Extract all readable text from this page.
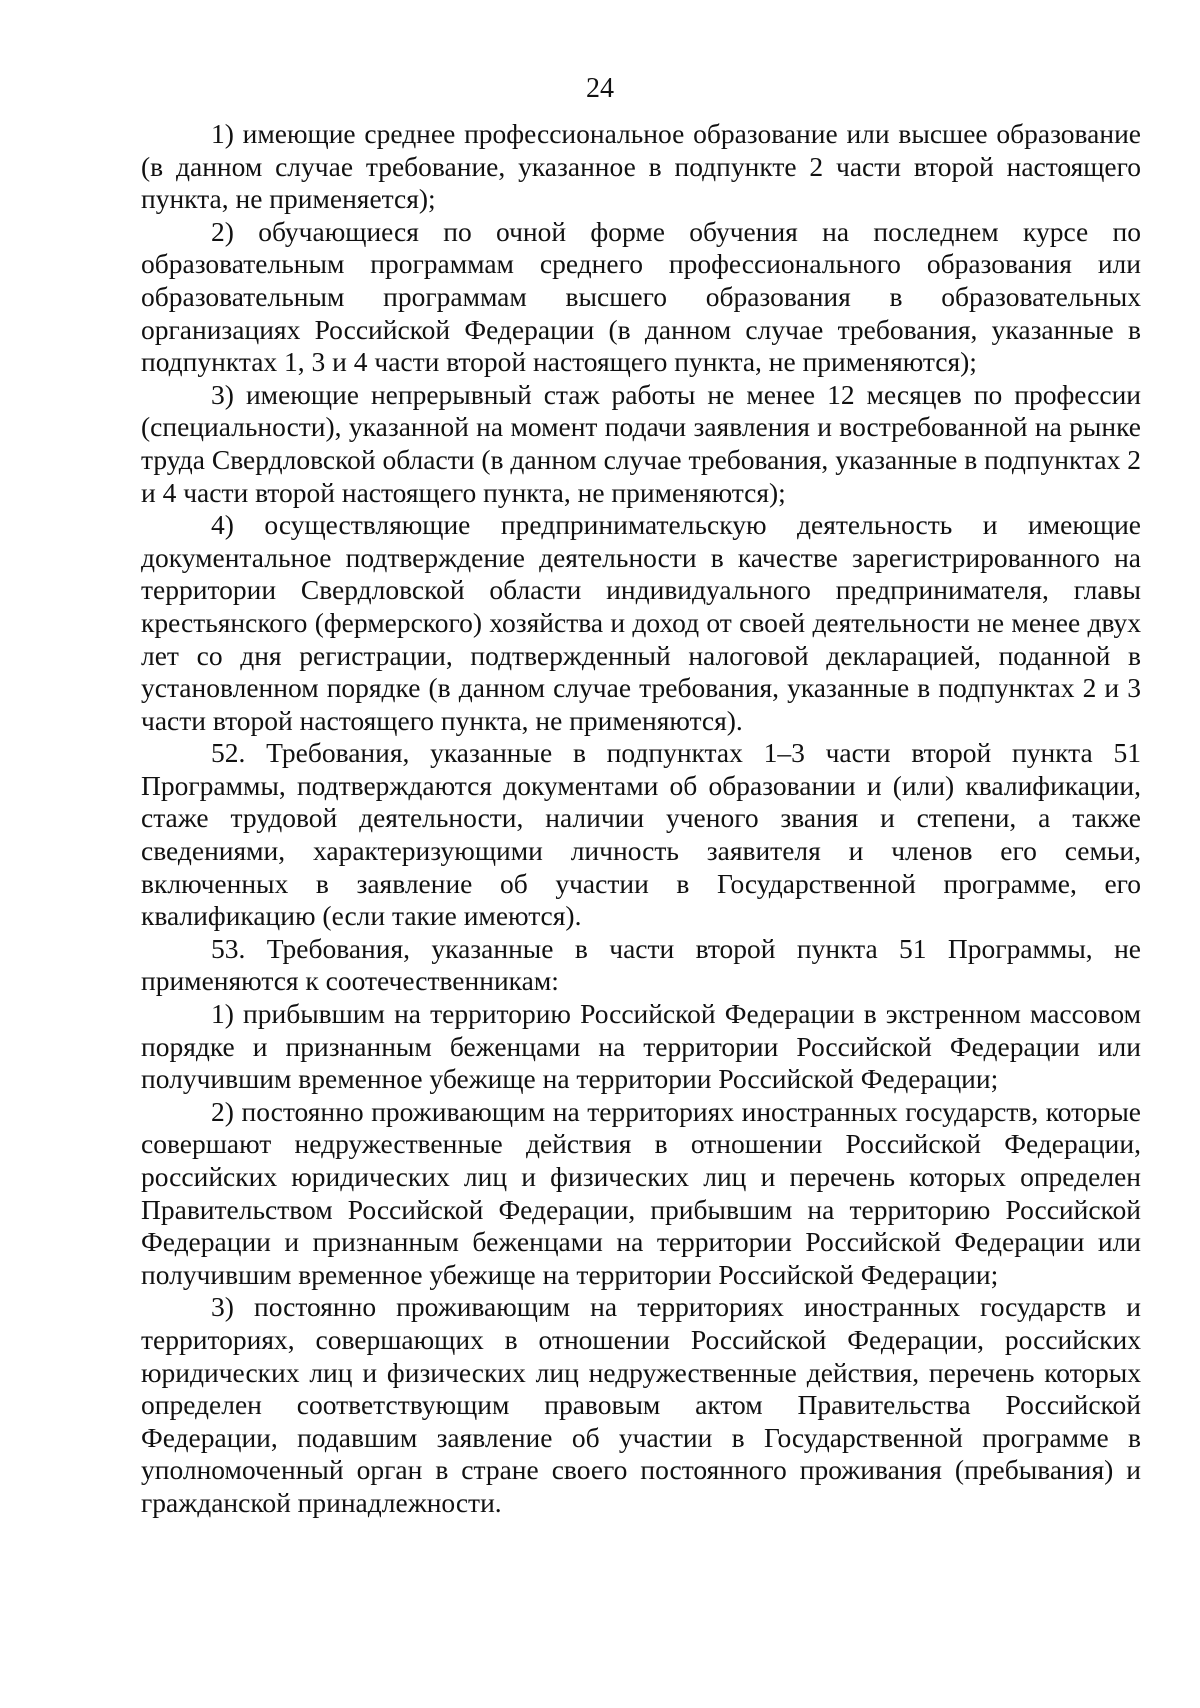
24

1) имеющие среднее профессиональное образование или высшее образование (в данном случае требование, указанное в подпункте 2 части второй настоящего пункта, не применяется);

2) обучающиеся по очной форме обучения на последнем курсе по образовательным программам среднего профессионального образования или образовательным программам высшего образования в образовательных организациях Российской Федерации (в данном случае требования, указанные в подпунктах 1, 3 и 4 части второй настоящего пункта, не применяются);

3) имеющие непрерывный стаж работы не менее 12 месяцев по профессии (специальности), указанной на момент подачи заявления и востребованной на рынке труда Свердловской области (в данном случае требования, указанные в подпунктах 2 и 4 части второй настоящего пункта, не применяются);

4) осуществляющие предпринимательскую деятельность и имеющие документальное подтверждение деятельности в качестве зарегистрированного на территории Свердловской области индивидуального предпринимателя, главы крестьянского (фермерского) хозяйства и доход от своей деятельности не менее двух лет со дня регистрации, подтвержденный налоговой декларацией, поданной в установленном порядке (в данном случае требования, указанные в подпунктах 2 и 3 части второй настоящего пункта, не применяются).

52. Требования, указанные в подпунктах 1–3 части второй пункта 51 Программы, подтверждаются документами об образовании и (или) квалификации, стаже трудовой деятельности, наличии ученого звания и степени, а также сведениями, характеризующими личность заявителя и членов его семьи, включенных в заявление об участии в Государственной программе, его квалификацию (если такие имеются).

53. Требования, указанные в части второй пункта 51 Программы, не применяются к соотечественникам:

1) прибывшим на территорию Российской Федерации в экстренном массовом порядке и признанным беженцами на территории Российской Федерации или получившим временное убежище на территории Российской Федерации;

2) постоянно проживающим на территориях иностранных государств, которые совершают недружественные действия в отношении Российской Федерации, российских юридических лиц и физических лиц и перечень которых определен Правительством Российской Федерации, прибывшим на территорию Российской Федерации и признанным беженцами на территории Российской Федерации или получившим временное убежище на территории Российской Федерации;

3) постоянно проживающим на территориях иностранных государств и территориях, совершающих в отношении Российской Федерации, российских юридических лиц и физических лиц недружественные действия, перечень которых определен соответствующим правовым актом Правительства Российской Федерации, подавшим заявление об участии в Государственной программе в уполномоченный орган в стране своего постоянного проживания (пребывания) и гражданской принадлежности.
